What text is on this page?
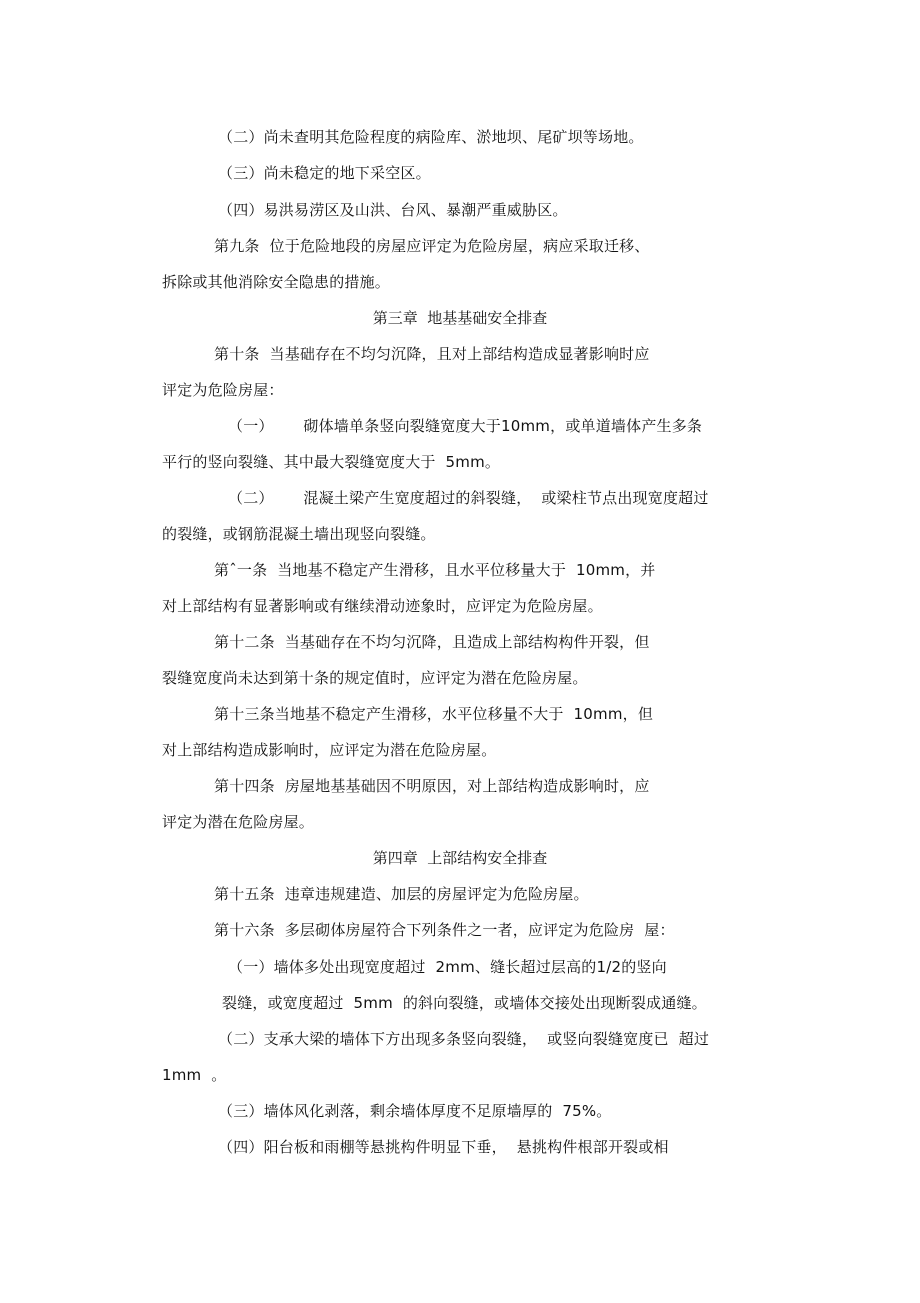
（二）尚未查明其危险程度的病险库、淤地坝、尾矿坝等场地。
（三）尚未稳定的地下采空区。
（四）易洪易涝区及山洪、台风、暴潮严重威胁区。
第九条  位于危险地段的房屋应评定为危险房屋，病应采取迁移、
拆除或其他消除安全隐患的措施。
第三章  地基基础安全排查
第十条  当基础存在不均匀沉降，且对上部结构造成显著影响时应
评定为危险房屋：
（一）      砌体墙单条竖向裂缝宽度大于10mm，或单道墙体产生多条
平行的竖向裂缝、其中最大裂缝宽度大于  5mm。
（二）      混凝土梁产生宽度超过的斜裂缝，  或梁柱节点出现宽度超过
的裂缝，或钢筋混凝土墙出现竖向裂缝。
第ˆ一条  当地基不稳定产生滑移，且水平位移量大于  10mm，并
对上部结构有显著影响或有继续滑动迹象时，应评定为危险房屋。
第十二条  当基础存在不均匀沉降，且造成上部结构构件开裂，但
裂缝宽度尚未达到第十条的规定值时，应评定为潜在危险房屋。
第十三条当地基不稳定产生滑移，水平位移量不大于  10mm，但
对上部结构造成影响时，应评定为潜在危险房屋。
第十四条  房屋地基基础因不明原因，对上部结构造成影响时，应
评定为潜在危险房屋。
第四章  上部结构安全排查
第十五条  违章违规建造、加层的房屋评定为危险房屋。
第十六条  多层砌体房屋符合下列条件之一者，应评定为危险房  屋：
（一）墙体多处出现宽度超过  2mm、缝长超过层高的1/2的竖向
裂缝，或宽度超过  5mm  的斜向裂缝，或墙体交接处出现断裂成通缝。
（二）支承大梁的墙体下方出现多条竖向裂缝，  或竖向裂缝宽度已  超过
1mm  。
（三）墙体风化剥落，剩余墙体厚度不足原墙厚的  75%。
（四）阳台板和雨棚等悬挑构件明显下垂，  悬挑构件根部开裂或相
